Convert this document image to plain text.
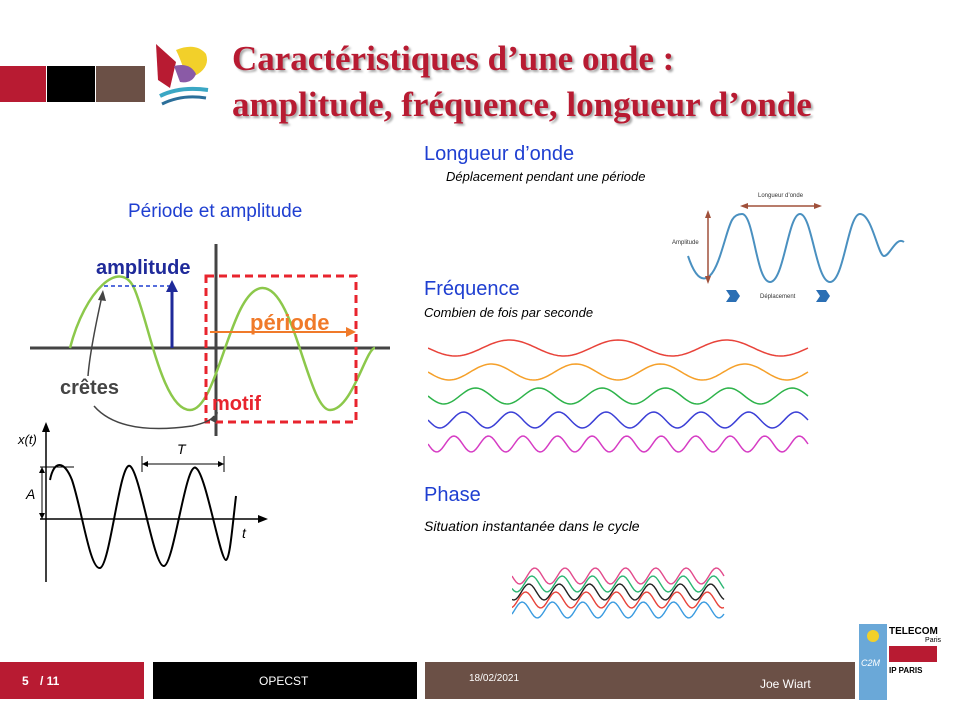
Caractéristiques d’une onde :
amplitude, fréquence, longueur d’onde
Période et amplitude
amplitude
période
crêtes
motif
x(t)
t
T
A
Longueur d’onde
Déplacement pendant une période
Longueur d’onde
Amplitude
Déplacement
Fréquence
Combien de fois par seconde
Phase
Situation instantanée dans le cycle
5 / 11	OPECST	18/02/2021	Joe Wiart
C2M
TELECOM
Paris
IP PARIS
